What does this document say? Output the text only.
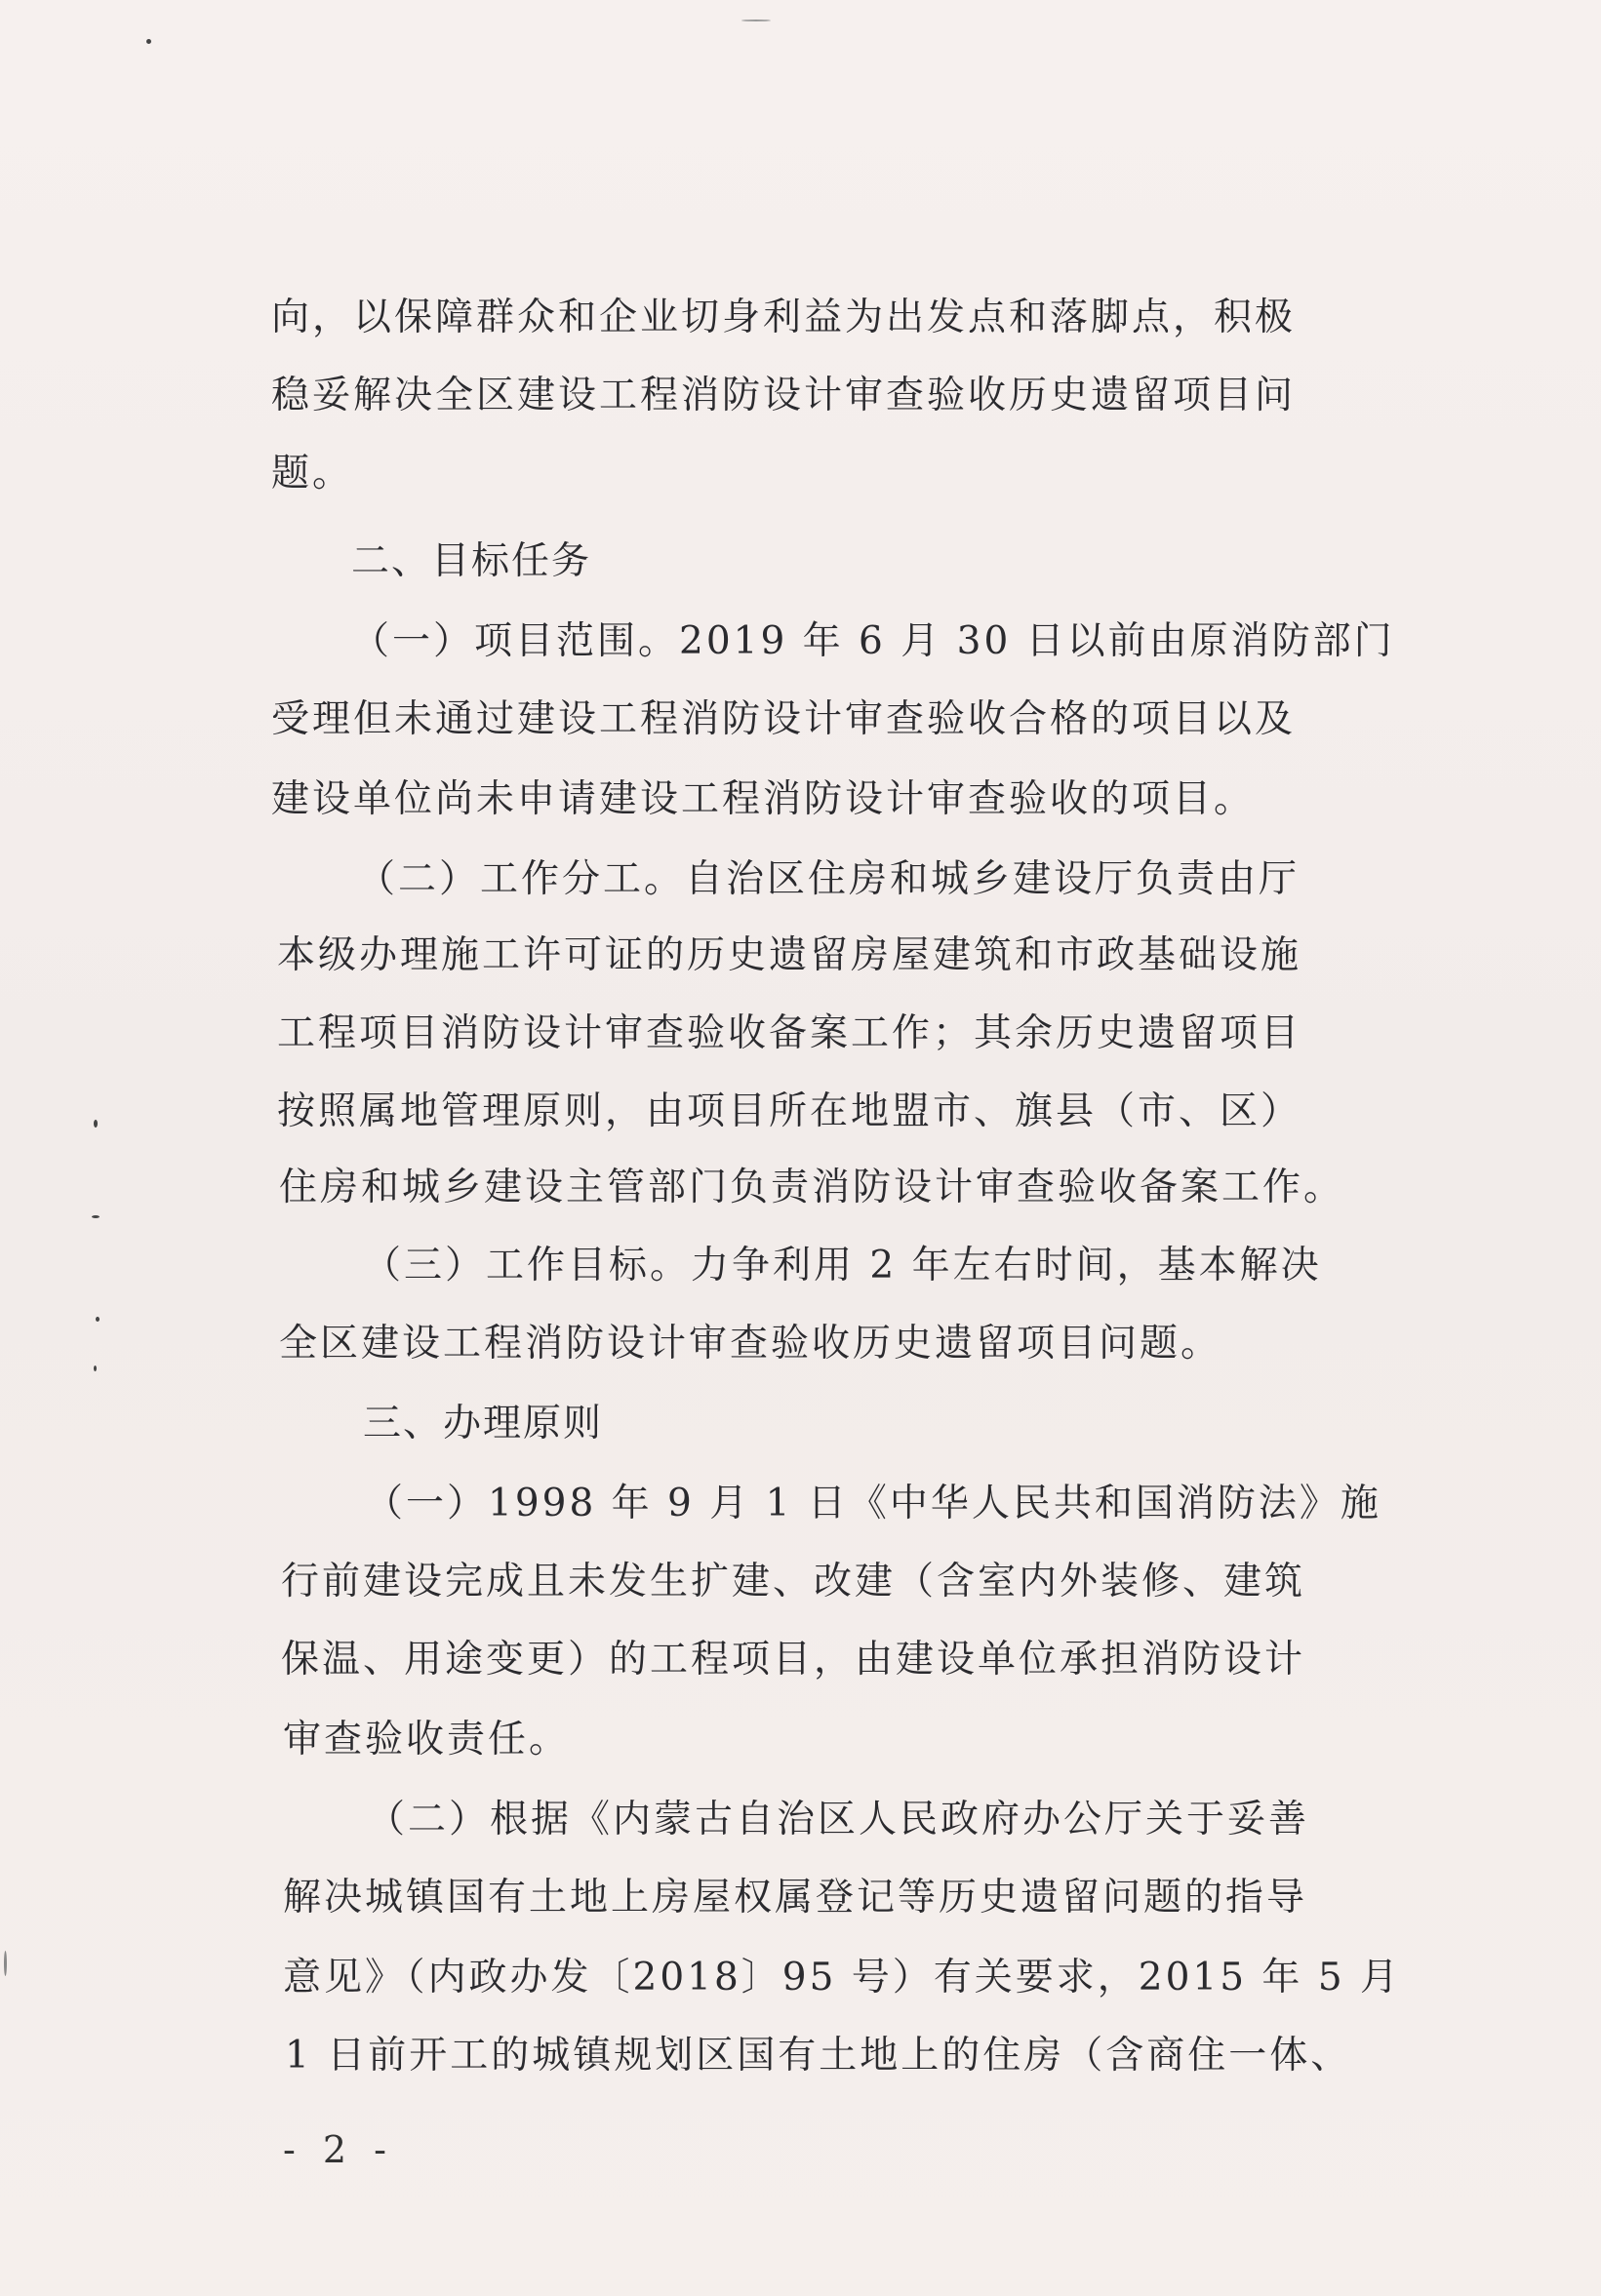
向，以保障群众和企业切身利益为出发点和落脚点，积极
稳妥解决全区建设工程消防设计审查验收历史遗留项目问
题。
二、目标任务
（一）项目范围。2019 年 6 月 30 日以前由原消防部门
受理但未通过建设工程消防设计审查验收合格的项目以及
建设单位尚未申请建设工程消防设计审查验收的项目。
（二）工作分工。自治区住房和城乡建设厅负责由厅
本级办理施工许可证的历史遗留房屋建筑和市政基础设施
工程项目消防设计审查验收备案工作；其余历史遗留项目
按照属地管理原则，由项目所在地盟市、旗县（市、区）
住房和城乡建设主管部门负责消防设计审查验收备案工作。
（三）工作目标。力争利用 2 年左右时间，基本解决
全区建设工程消防设计审查验收历史遗留项目问题。
三、办理原则
（一）1998 年 9 月 1 日《中华人民共和国消防法》施
行前建设完成且未发生扩建、改建（含室内外装修、建筑
保温、用途变更）的工程项目，由建设单位承担消防设计
审查验收责任。
（二）根据《内蒙古自治区人民政府办公厅关于妥善
解决城镇国有土地上房屋权属登记等历史遗留问题的指导
意见》（内政办发〔2018〕95 号）有关要求，2015 年 5 月
1 日前开工的城镇规划区国有土地上的住房（含商住一体、
- 2 -
